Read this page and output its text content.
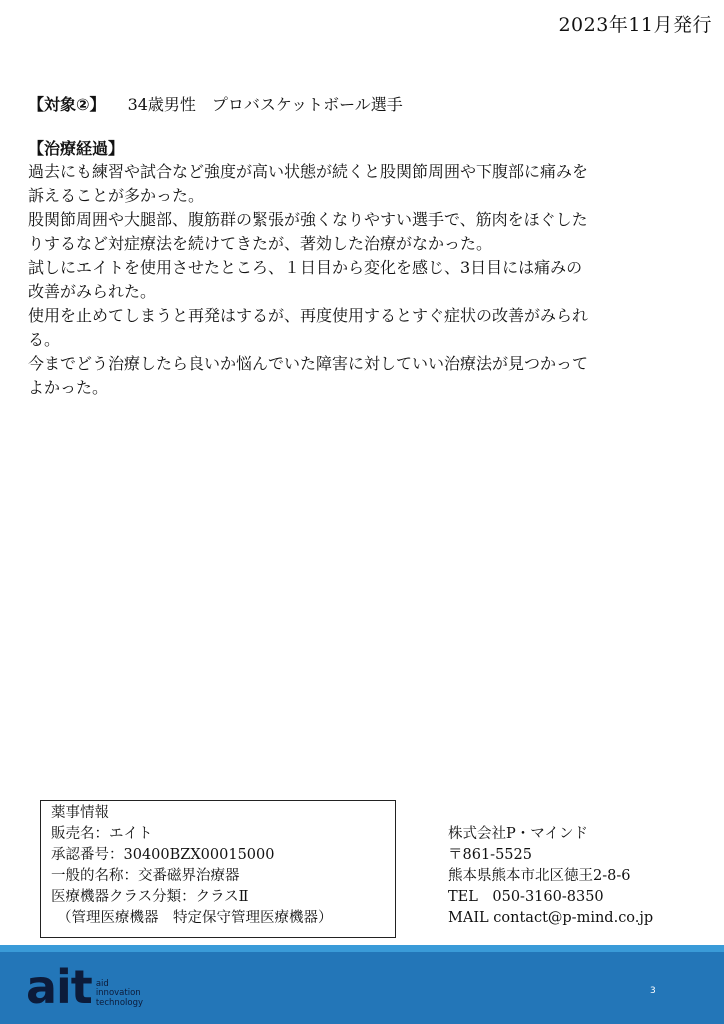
2023年11月発行
【対象②】 34歳男性　プロバスケットボール選手
【治療経過】

過去にも練習や試合など強度が高い状態が続くと股関節周囲や下腹部に痛みを

訴えることが多かった。

股関節周囲や大腿部、腹筋群の緊張が強くなりやすい選手で、筋肉をほぐした

りするなど対症療法を続けてきたが、著効した治療がなかった。

試しにエイトを使用させたところ、１日目から変化を感じ、3日目には痛みの

改善がみられた。

使用を止めてしまうと再発はするが、再度使用するとすぐ症状の改善がみられ

る。

今までどう治療したら良いか悩んでいた障害に対していい治療法が見つかって

よかった。

薬事情報
販売名：エイト
承認番号：30400BZX00015000
一般的名称：交番磁界治療器
医療機器クラス分類：クラスⅡ
（管理医療機器　特定保守管理医療機器）
株式会社P・マインド
〒861-5525
熊本県熊本市北区徳王2-8-6
TEL　050-3160-8350
MAIL contact@p-mind.co.jp
ait aid
innovation
technology
3
